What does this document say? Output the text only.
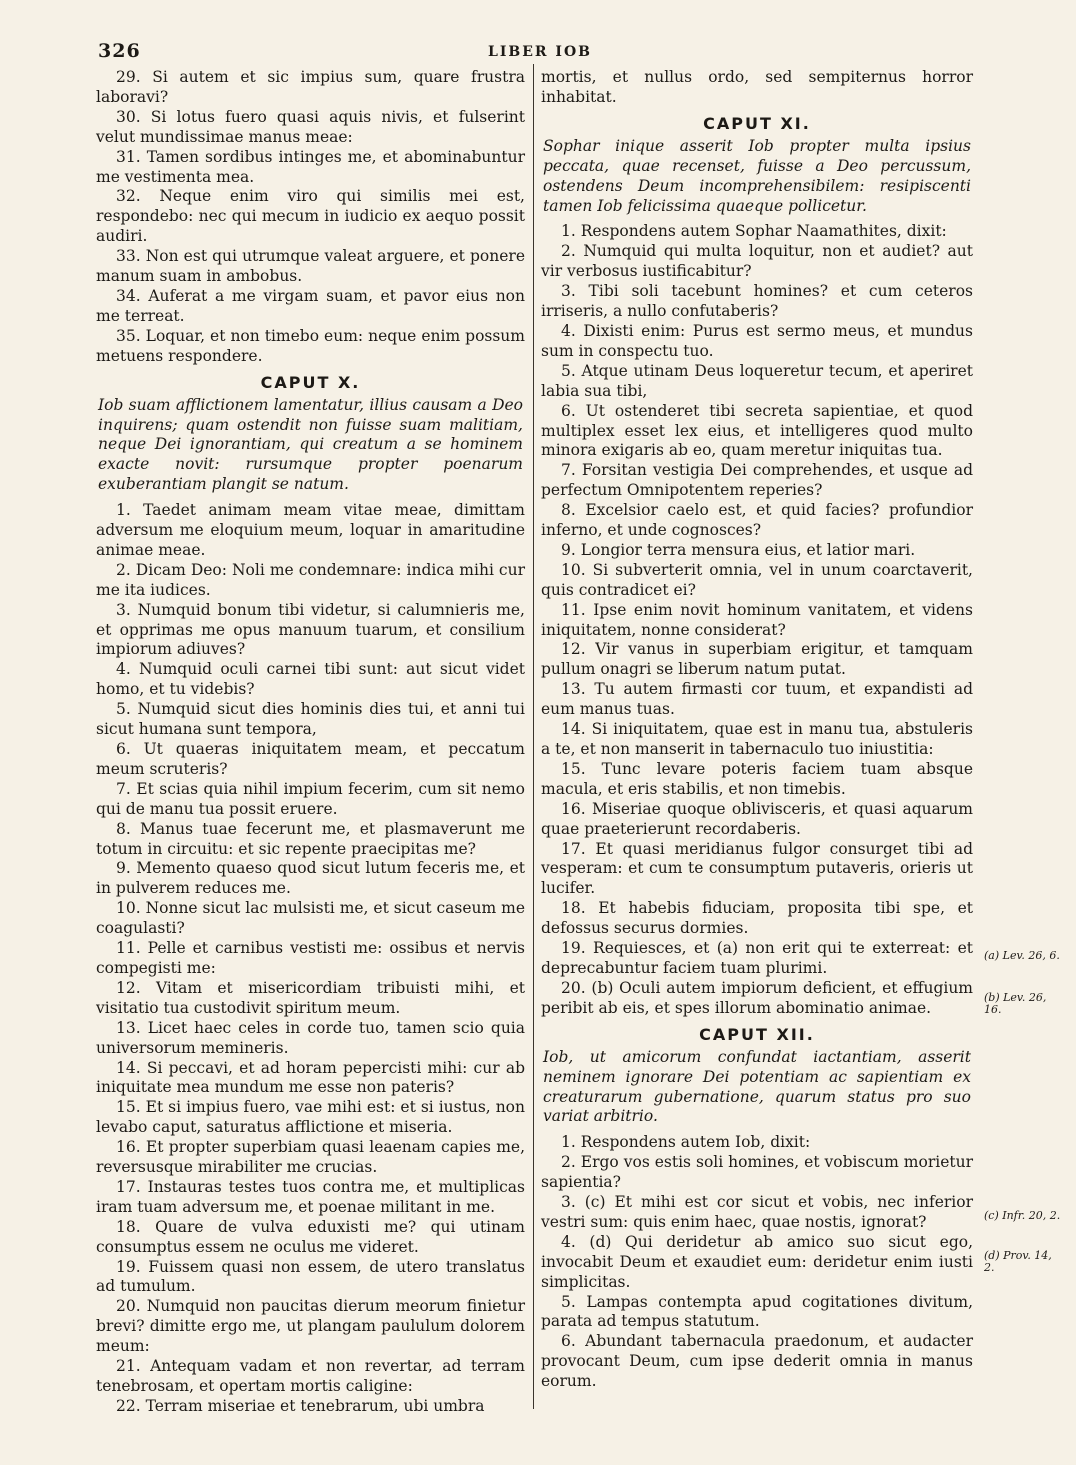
326	LIBER IOB

29. Si autem et sic impius sum, quare frustra laboravi?

30. Si lotus fuero quasi aquis nivis, et fulserint velut mundissimae manus meae:

31. Tamen sordibus intinges me, et abominabuntur me vestimenta mea.

32. Neque enim viro qui similis mei est, respondebo: nec qui mecum in iudicio ex aequo possit audiri.

33. Non est qui utrumque valeat arguere, et ponere manum suam in ambobus.

34. Auferat a me virgam suam, et pavor eius non me terreat.

35. Loquar, et non timebo eum: neque enim possum metuens respondere.

CAPUT X.

Iob suam afflictionem lamentatur, illius causam a Deo inquirens; quam ostendit non fuisse suam malitiam, neque Dei ignorantiam, qui creatum a se hominem exacte novit: rursumque propter poenarum exuberantiam plangit se natum.

1. Taedet animam meam vitae meae, dimittam adversum me eloquium meum, loquar in amaritudine animae meae.

2. Dicam Deo: Noli me condemnare: indica mihi cur me ita iudices.

3. Numquid bonum tibi videtur, si calumnieris me, et opprimas me opus manuum tuarum, et consilium impiorum adiuves?

4. Numquid oculi carnei tibi sunt: aut sicut videt homo, et tu videbis?

5. Numquid sicut dies hominis dies tui, et anni tui sicut humana sunt tempora,

6. Ut quaeras iniquitatem meam, et peccatum meum scruteris?

7. Et scias quia nihil impium fecerim, cum sit nemo qui de manu tua possit eruere.

8. Manus tuae fecerunt me, et plasmaverunt me totum in circuitu: et sic repente praecipitas me?

9. Memento quaeso quod sicut lutum feceris me, et in pulverem reduces me.

10. Nonne sicut lac mulsisti me, et sicut caseum me coagulasti?

11. Pelle et carnibus vestisti me: ossibus et nervis compegisti me:

12. Vitam et misericordiam tribuisti mihi, et visitatio tua custodivit spiritum meum.

13. Licet haec celes in corde tuo, tamen scio quia universorum memineris.

14. Si peccavi, et ad horam pepercisti mihi: cur ab iniquitate mea mundum me esse non pateris?

15. Et si impius fuero, vae mihi est: et si iustus, non levabo caput, saturatus afflictione et miseria.

16. Et propter superbiam quasi leaenam capies me, reversusque mirabiliter me crucias.

17. Instauras testes tuos contra me, et multiplicas iram tuam adversum me, et poenae militant in me.

18. Quare de vulva eduxisti me? qui utinam consumptus essem ne oculus me videret.

19. Fuissem quasi non essem, de utero translatus ad tumulum.

20. Numquid non paucitas dierum meorum finietur brevi? dimitte ergo me, ut plangam paululum dolorem meum:

21. Antequam vadam et non revertar, ad terram tenebrosam, et opertam mortis caligine:

22. Terram miseriae et tenebrarum, ubi umbra

mortis, et nullus ordo, sed sempiternus horror inhabitat.

CAPUT XI.

Sophar inique asserit Iob propter multa ipsius peccata, quae recenset, fuisse a Deo percussum, ostendens Deum incomprehensibilem: resipiscenti tamen Iob felicissima quaeque pollicetur.

1. Respondens autem Sophar Naamathites, dixit:

2. Numquid qui multa loquitur, non et audiet? aut vir verbosus iustificabitur?

3. Tibi soli tacebunt homines? et cum ceteros irriseris, a nullo confutaberis?

4. Dixisti enim: Purus est sermo meus, et mundus sum in conspectu tuo.

5. Atque utinam Deus loqueretur tecum, et aperiret labia sua tibi,

6. Ut ostenderet tibi secreta sapientiae, et quod multiplex esset lex eius, et intelligeres quod multo minora exigaris ab eo, quam meretur iniquitas tua.

7. Forsitan vestigia Dei comprehendes, et usque ad perfectum Omnipotentem reperies?

8. Excelsior caelo est, et quid facies? profundior inferno, et unde cognosces?

9. Longior terra mensura eius, et latior mari.

10. Si subverterit omnia, vel in unum coarctaverit, quis contradicet ei?

11. Ipse enim novit hominum vanitatem, et videns iniquitatem, nonne considerat?

12. Vir vanus in superbiam erigitur, et tamquam pullum onagri se liberum natum putat.

13. Tu autem firmasti cor tuum, et expandisti ad eum manus tuas.

14. Si iniquitatem, quae est in manu tua, abstuleris a te, et non manserit in tabernaculo tuo iniustitia:

15. Tunc levare poteris faciem tuam absque macula, et eris stabilis, et non timebis.

16. Miseriae quoque oblivisceris, et quasi aquarum quae praeterierunt recordaberis.

17. Et quasi meridianus fulgor consurget tibi ad vesperam: et cum te consumptum putaveris, orieris ut lucifer.

18. Et habebis fiduciam, proposita tibi spe, et defossus securus dormies.

19. Requiesces, et (a) non erit qui te exterreat: et deprecabuntur faciem tuam plurimi.

20. (b) Oculi autem impiorum deficient, et effugium peribit ab eis, et spes illorum abominatio animae.

CAPUT XII.

Iob, ut amicorum confundat iactantiam, asserit neminem ignorare Dei potentiam ac sapientiam ex creaturarum gubernatione, quarum status pro suo variat arbitrio.

1. Respondens autem Iob, dixit:

2. Ergo vos estis soli homines, et vobiscum morietur sapientia?

3. (c) Et mihi est cor sicut et vobis, nec inferior vestri sum: quis enim haec, quae nostis, ignorat?

4. (d) Qui deridetur ab amico suo sicut ego, invocabit Deum et exaudiet eum: deridetur enim iusti simplicitas.

5. Lampas contempta apud cogitationes divitum, parata ad tempus statutum.

6. Abundant tabernacula praedonum, et audacter provocant Deum, cum ipse dederit omnia in manus eorum.

(a) Lev. 26, 6.
(b) Lev. 26, 16.
(c) Infr. 20, 2.
(d) Prov. 14, 2.
